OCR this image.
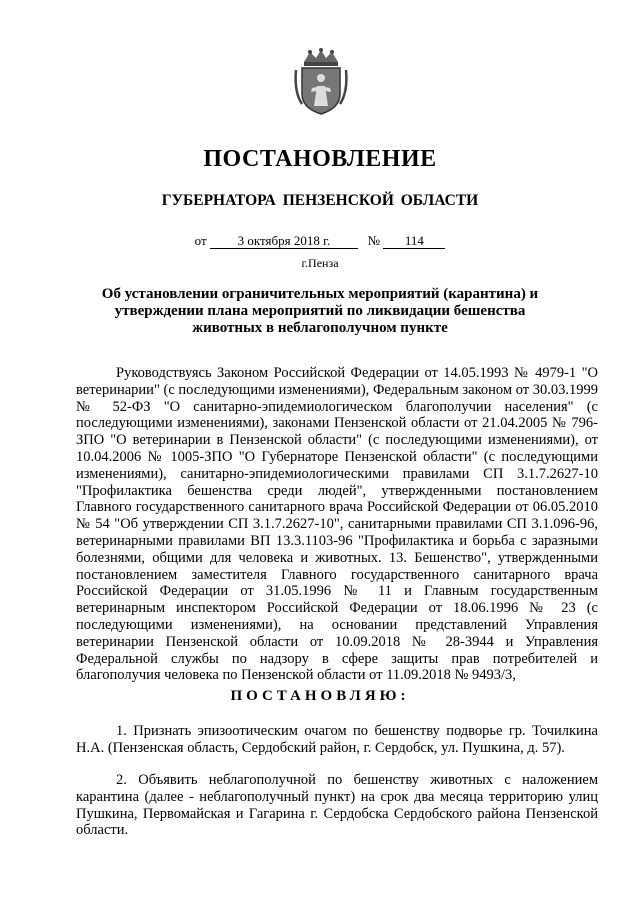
ПОСТАНОВЛЕНИЕ
ГУБЕРНАТОРА ПЕНЗЕНСКОЙ ОБЛАСТИ
от 3 октября 2018 г.	№ 114
г.Пенза
Об установлении ограничительных мероприятий (карантина) и утверждении плана мероприятий по ликвидации бешенства животных в неблагополучном пункте

Руководствуясь Законом Российской Федерации от 14.05.1993 № 4979-1 "О ветеринарии" (с последующими изменениями), Федеральным законом от 30.03.1999 № 52-ФЗ "О санитарно-эпидемиологическом благополучии населения" (с последующими изменениями), законами Пензенской области от 21.04.2005 № 796-ЗПО "О ветеринарии в Пензенской области" (с последующими изменениями), от 10.04.2006 № 1005-ЗПО "О Губернаторе Пензенской области" (с последующими изменениями), санитарно-эпидемиологическими правилами СП 3.1.7.2627-10 "Профилактика бешенства среди людей", утвержденными постановлением Главного государственного санитарного врача Российской Федерации от 06.05.2010 № 54 "Об утверждении СП 3.1.7.2627-10", санитарными правилами СП 3.1.096-96, ветеринарными правилами ВП 13.3.1103-96 "Профилактика и борьба с заразными болезнями, общими для человека и животных. 13. Бешенство", утвержденными постановлением заместителя Главного государственного санитарного врача Российской Федерации от 31.05.1996 № 11 и Главным государственным ветеринарным инспектором Российской Федерации от 18.06.1996 № 23 (с последующими изменениями), на основании представлений Управления ветеринарии Пензенской области от 10.09.2018 № 28-3944 и Управления Федеральной службы по надзору в сфере защиты прав потребителей и благополучия человека по Пензенской области от 11.09.2018 № 9493/3,

ПОСТАНОВЛЯЮ:

1. Признать эпизоотическим очагом по бешенству подворье гр. Точилкина Н.А. (Пензенская область, Сердобский район, г. Сердобск, ул. Пушкина, д. 57).

2. Объявить неблагополучной по бешенству животных с наложением карантина (далее - неблагополучный пункт) на срок два месяца территорию улиц Пушкина, Первомайская и Гагарина г. Сердобска Сердобского района Пензенской области.
